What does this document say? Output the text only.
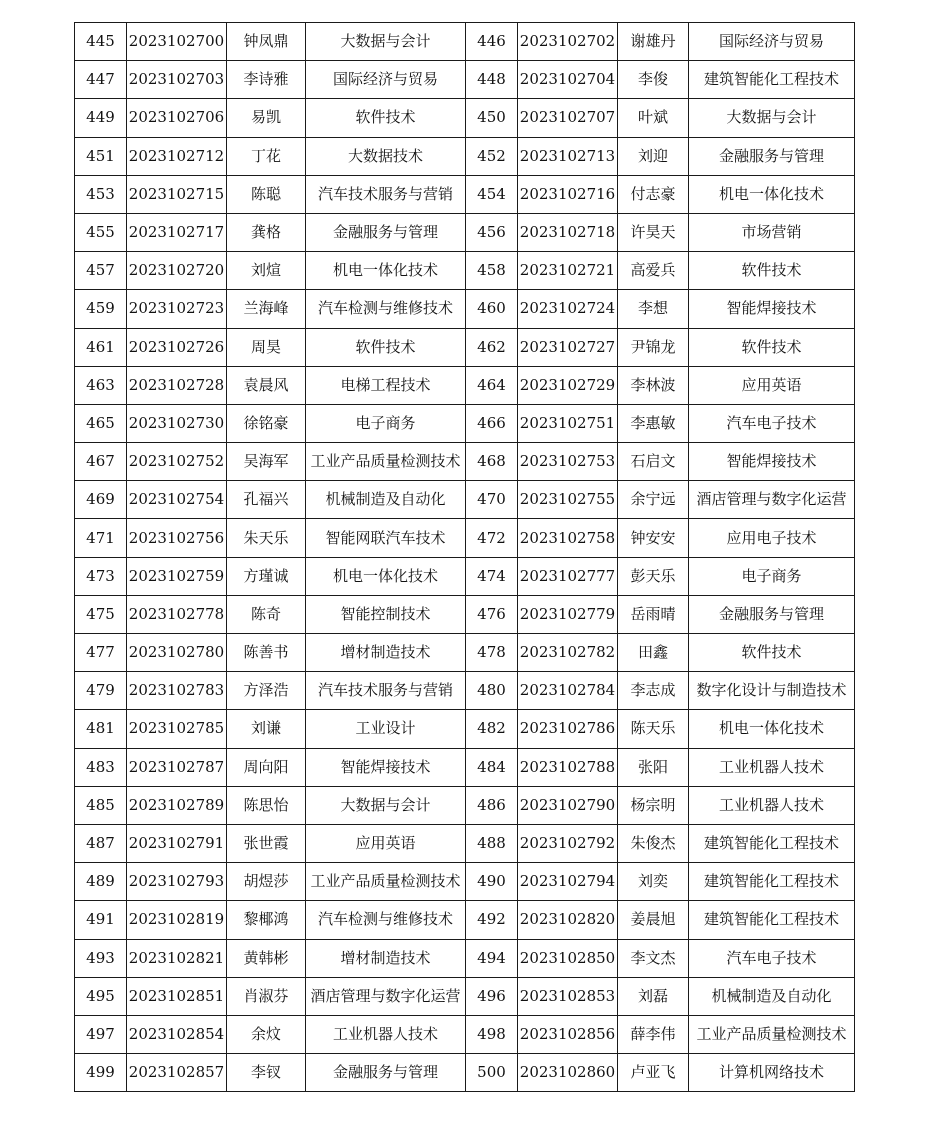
445	2023102700	钟凤鼎	大数据与会计	446	2023102702	谢雄丹	国际经济与贸易
447	2023102703	李诗雅	国际经济与贸易	448	2023102704	李俊	建筑智能化工程技术
449	2023102706	易凯	软件技术	450	2023102707	叶斌	大数据与会计
451	2023102712	丁花	大数据技术	452	2023102713	刘迎	金融服务与管理
453	2023102715	陈聪	汽车技术服务与营销	454	2023102716	付志豪	机电一体化技术
455	2023102717	龚格	金融服务与管理	456	2023102718	许昊天	市场营销
457	2023102720	刘煊	机电一体化技术	458	2023102721	高爱兵	软件技术
459	2023102723	兰海峰	汽车检测与维修技术	460	2023102724	李想	智能焊接技术
461	2023102726	周昊	软件技术	462	2023102727	尹锦龙	软件技术
463	2023102728	袁晨风	电梯工程技术	464	2023102729	李林波	应用英语
465	2023102730	徐铭豪	电子商务	466	2023102751	李惠敏	汽车电子技术
467	2023102752	吴海军	工业产品质量检测技术	468	2023102753	石启文	智能焊接技术
469	2023102754	孔福兴	机械制造及自动化	470	2023102755	余宁远	酒店管理与数字化运营
471	2023102756	朱天乐	智能网联汽车技术	472	2023102758	钟安安	应用电子技术
473	2023102759	方瑾诚	机电一体化技术	474	2023102777	彭天乐	电子商务
475	2023102778	陈奇	智能控制技术	476	2023102779	岳雨晴	金融服务与管理
477	2023102780	陈善书	增材制造技术	478	2023102782	田鑫	软件技术
479	2023102783	方泽浩	汽车技术服务与营销	480	2023102784	李志成	数字化设计与制造技术
481	2023102785	刘谦	工业设计	482	2023102786	陈天乐	机电一体化技术
483	2023102787	周向阳	智能焊接技术	484	2023102788	张阳	工业机器人技术
485	2023102789	陈思怡	大数据与会计	486	2023102790	杨宗明	工业机器人技术
487	2023102791	张世霞	应用英语	488	2023102792	朱俊杰	建筑智能化工程技术
489	2023102793	胡煜莎	工业产品质量检测技术	490	2023102794	刘奕	建筑智能化工程技术
491	2023102819	黎椰鸿	汽车检测与维修技术	492	2023102820	姜晨旭	建筑智能化工程技术
493	2023102821	黄韩彬	增材制造技术	494	2023102850	李文杰	汽车电子技术
495	2023102851	肖淑芬	酒店管理与数字化运营	496	2023102853	刘磊	机械制造及自动化
497	2023102854	余炆	工业机器人技术	498	2023102856	薛李伟	工业产品质量检测技术
499	2023102857	李钗	金融服务与管理	500	2023102860	卢亚飞	计算机网络技术
